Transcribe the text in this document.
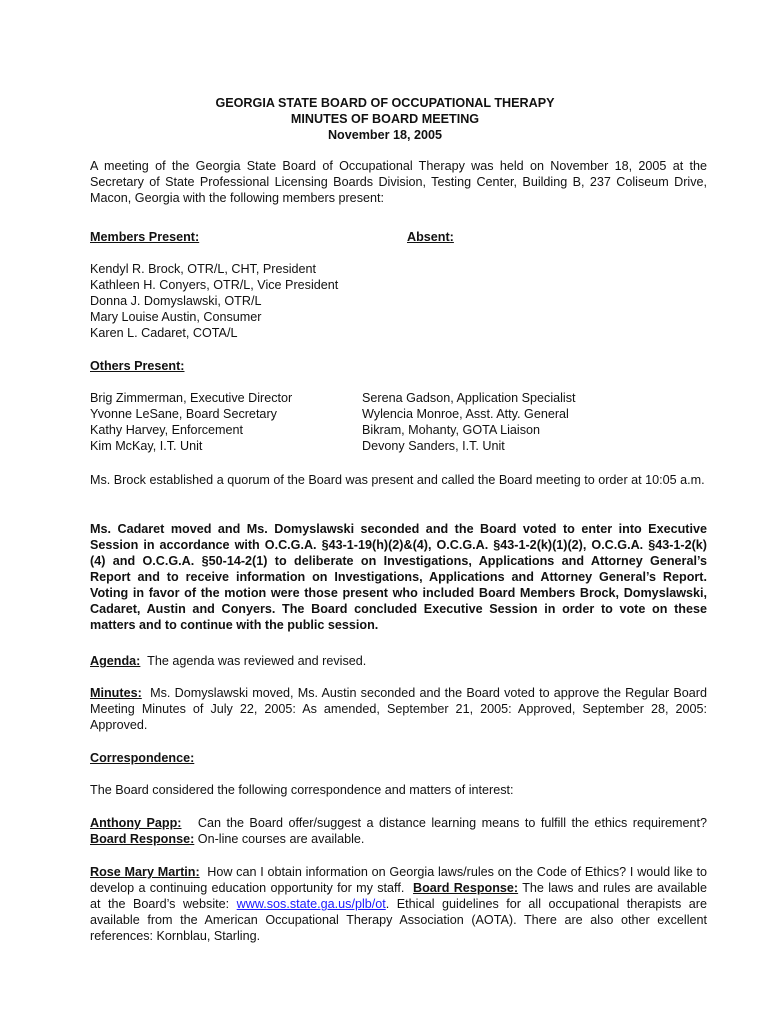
GEORGIA STATE BOARD OF OCCUPATIONAL THERAPY
MINUTES OF BOARD MEETING
November 18, 2005
A meeting of the Georgia State Board of Occupational Therapy was held on November 18, 2005 at the Secretary of State Professional Licensing Boards Division, Testing Center, Building B, 237 Coliseum Drive, Macon, Georgia with the following members present:
Members Present:	Absent:
Kendyl R. Brock, OTR/L, CHT, President
Kathleen H. Conyers, OTR/L, Vice President
Donna J. Domyslawski, OTR/L
Mary Louise Austin, Consumer
Karen L. Cadaret, COTA/L
Others Present:
Brig Zimmerman, Executive Director
Yvonne LeSane, Board Secretary
Kathy Harvey, Enforcement
Kim McKay, I.T. Unit
Serena Gadson, Application Specialist
Wylencia Monroe, Asst. Atty. General
Bikram, Mohanty, GOTA Liaison
Devony Sanders, I.T. Unit
Ms. Brock established a quorum of the Board was present and called the Board meeting to order at 10:05 a.m.
Ms. Cadaret moved and Ms. Domyslawski seconded and the Board voted to enter into Executive Session in accordance with O.C.G.A. §43-1-19(h)(2)&(4), O.C.G.A. §43-1-2(k)(1)(2), O.C.G.A. §43-1-2(k)(4) and O.C.G.A. §50-14-2(1) to deliberate on Investigations, Applications and Attorney General’s Report and to receive information on Investigations, Applications and Attorney General’s Report. Voting in favor of the motion were those present who included Board Members Brock, Domyslawski, Cadaret, Austin and Conyers. The Board concluded Executive Session in order to vote on these matters and to continue with the public session.
Agenda: The agenda was reviewed and revised.
Minutes: Ms. Domyslawski moved, Ms. Austin seconded and the Board voted to approve the Regular Board Meeting Minutes of July 22, 2005: As amended, September 21, 2005: Approved, September 28, 2005: Approved.
Correspondence:
The Board considered the following correspondence and matters of interest:
Anthony Papp: Can the Board offer/suggest a distance learning means to fulfill the ethics requirement? Board Response: On-line courses are available.
Rose Mary Martin: How can I obtain information on Georgia laws/rules on the Code of Ethics? I would like to develop a continuing education opportunity for my staff. Board Response: The laws and rules are available at the Board’s website: www.sos.state.ga.us/plb/ot. Ethical guidelines for all occupational therapists are available from the American Occupational Therapy Association (AOTA). There are also other excellent references: Kornblau, Starling.
